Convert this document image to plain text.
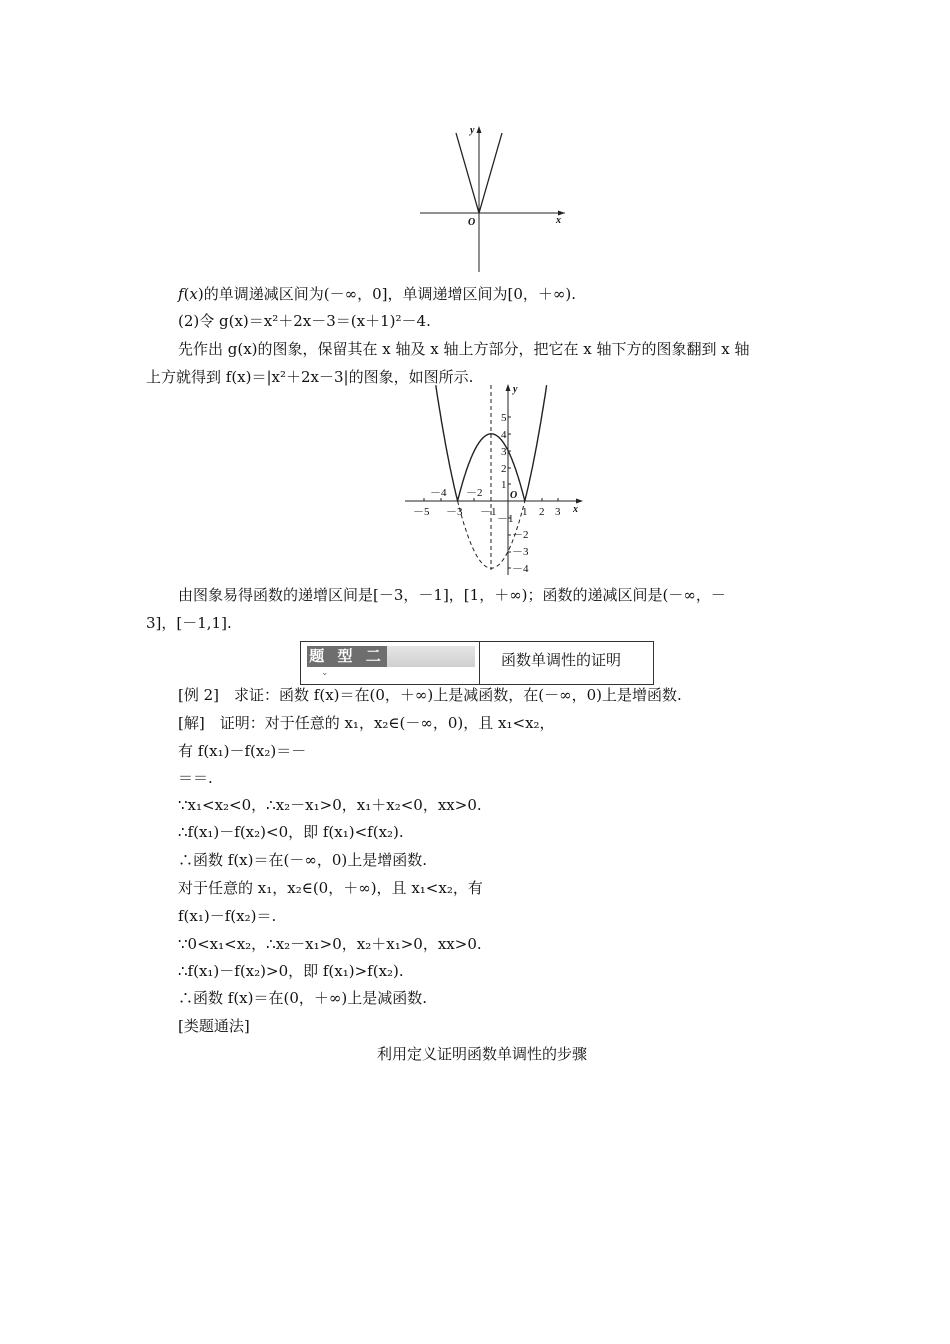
y
x
O
f(x)的单调递减区间为(－∞，0]，单调递增区间为[0，＋∞).
(2)令 g(x)＝x²＋2x－3＝(x＋1)²－4.
先作出 g(x)的图象，保留其在 x 轴及 x 轴上方部分，把它在 x 轴下方的图象翻到 x 轴
上方就得到 f(x)＝|x²＋2x－3|的图象，如图所示.
5
4
3
2
1
－1
－2
－3
－4
－5 －3 －1 1 2 3
－4 －2
y
x
O
由图象易得函数的递增区间是[－3，－1]，[1，＋∞)；函数的递减区间是(－∞，－
3]，[－1,1].
题 型 二
⌄
函数单调性的证明
[例 2]　求证：函数 f(x)＝在(0，＋∞)上是减函数，在(－∞，0)上是增函数.
[解]　证明：对于任意的 x₁，x₂∈(－∞，0)，且 x₁<x₂，
有 f(x₁)－f(x₂)＝－
＝＝.
∵x₁<x₂<0，∴x₂－x₁>0，x₁＋x₂<0，xx>0.
∴f(x₁)－f(x₂)<0，即 f(x₁)<f(x₂).
∴函数 f(x)＝在(－∞，0)上是增函数.
对于任意的 x₁，x₂∈(0，＋∞)，且 x₁<x₂，有
f(x₁)－f(x₂)＝.
∵0<x₁<x₂，∴x₂－x₁>0，x₂＋x₁>0，xx>0.
∴f(x₁)－f(x₂)>0，即 f(x₁)>f(x₂).
∴函数 f(x)＝在(0，＋∞)上是减函数.
[类题通法]
利用定义证明函数单调性的步骤
